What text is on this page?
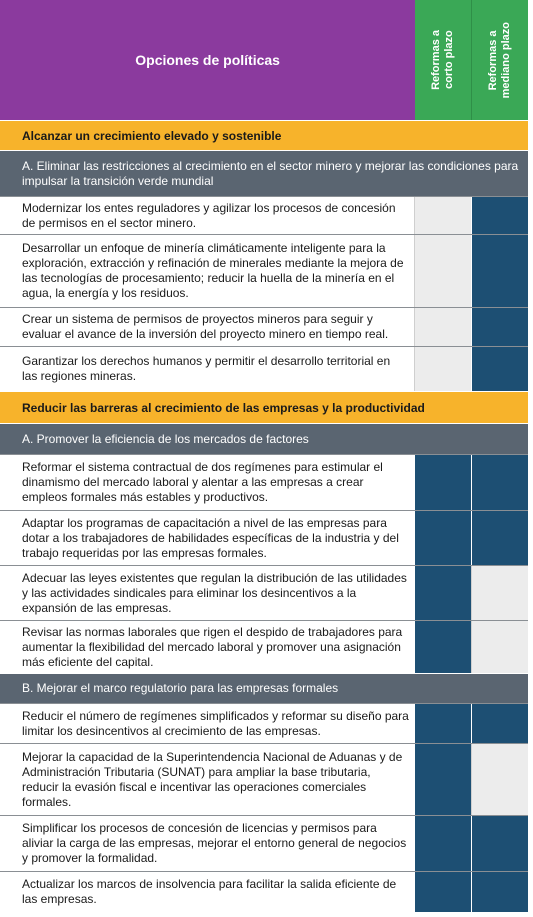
Opciones de políticas	Reformas a
corto plazo	Reformas a
mediano plazo
Alcanzar un crecimiento elevado y sostenible
A. Eliminar las restricciones al crecimiento en el sector minero y mejorar las condiciones para impulsar la transición verde mundial
Modernizar los entes reguladores y agilizar los procesos de concesión de permisos en el sector minero.
Desarrollar un enfoque de minería climáticamente inteligente para la exploración, extracción y refinación de minerales mediante la mejora de las tecnologías de procesamiento; reducir la huella de la minería en el agua, la energía y los residuos.
Crear un sistema de permisos de proyectos mineros para seguir y evaluar el avance de la inversión del proyecto minero en tiempo real.
Garantizar los derechos humanos y permitir el desarrollo territorial en las regiones mineras.
Reducir las barreras al crecimiento de las empresas y la productividad
A. Promover la eficiencia de los mercados de factores
Reformar el sistema contractual de dos regímenes para estimular el dinamismo del mercado laboral y alentar a las empresas a crear empleos formales más estables y productivos.
Adaptar los programas de capacitación a nivel de las empresas para dotar a los trabajadores de habilidades específicas de la industria y del trabajo requeridas por las empresas formales.
Adecuar las leyes existentes que regulan la distribución de las utilidades y las actividades sindicales para eliminar los desincentivos a la expansión de las empresas.
Revisar las normas laborales que rigen el despido de trabajadores para aumentar la flexibilidad del mercado laboral y promover una asignación más eficiente del capital.
B. Mejorar el marco regulatorio para las empresas formales
Reducir el número de regímenes simplificados y reformar su diseño para limitar los desincentivos al crecimiento de las empresas.
Mejorar la capacidad de la Superintendencia Nacional de Aduanas y de Administración Tributaria (SUNAT) para ampliar la base tributaria, reducir la evasión fiscal e incentivar las operaciones comerciales formales.
Simplificar los procesos de concesión de licencias y permisos para aliviar la carga de las empresas, mejorar el entorno general de negocios y promover la formalidad.
Actualizar los marcos de insolvencia para facilitar la salida eficiente de las empresas.
